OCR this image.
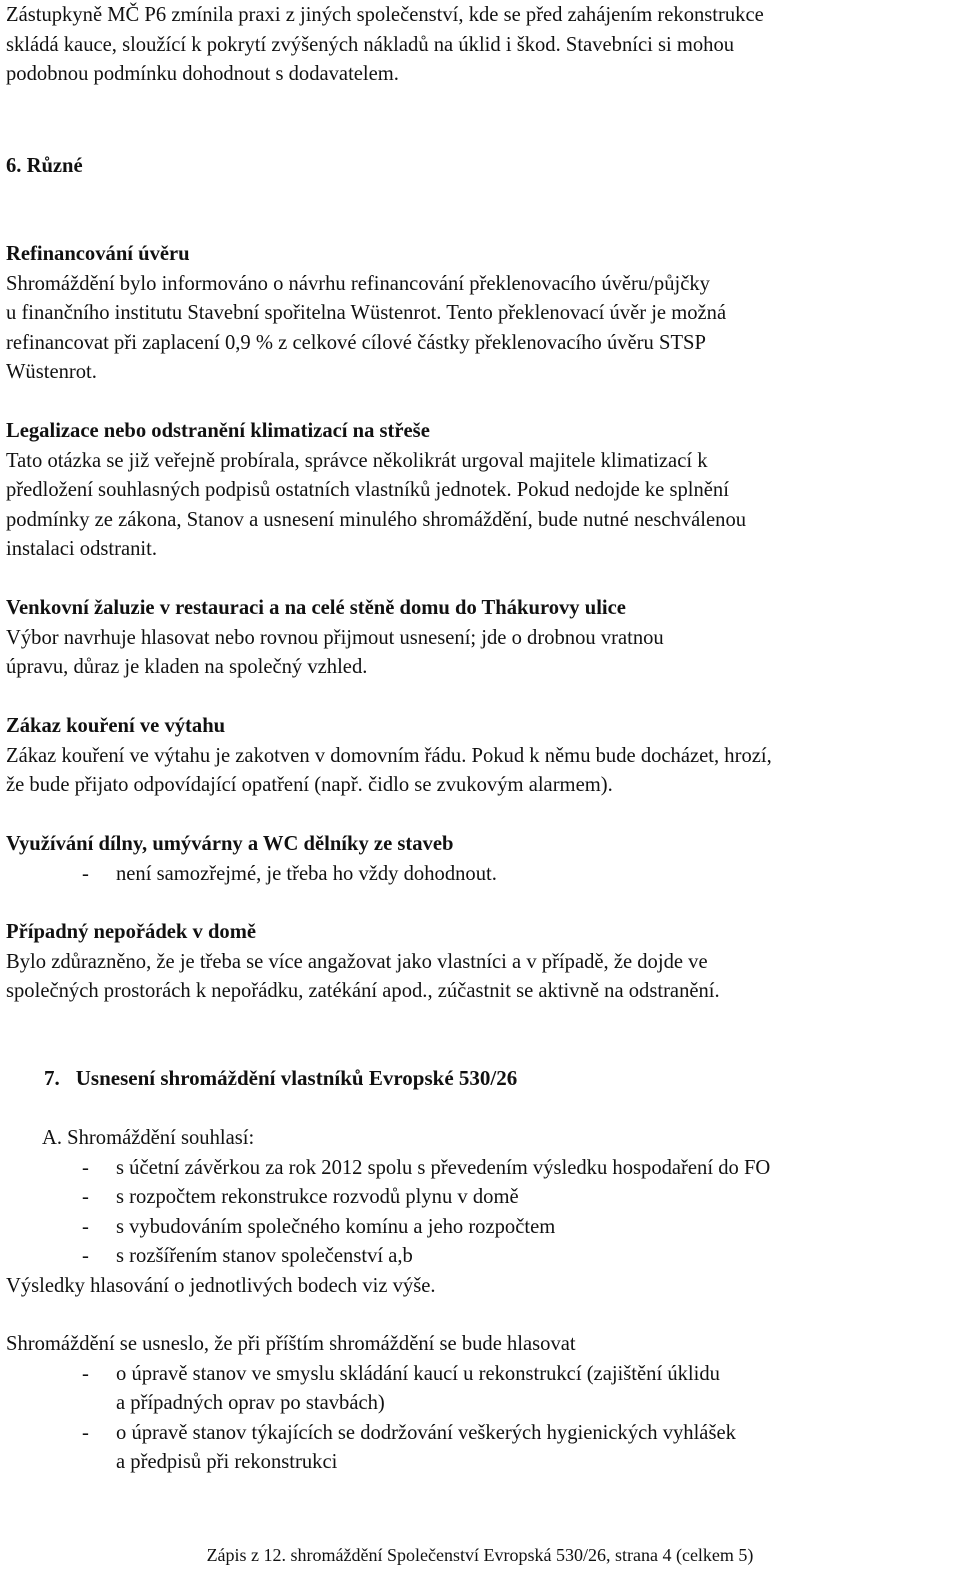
Zástupkyně MČ P6 zmínila praxi z jiných společenství, kde se před zahájením rekonstrukce
skládá kauce, sloužící k pokrytí zvýšených nákladů na úklid i škod. Stavebníci si mohou
podobnou podmínku dohodnout s dodavatelem.
6. Různé
Refinancování úvěru
Shromáždění bylo informováno o návrhu refinancování překlenovacího úvěru/půjčky
u finančního institutu Stavební spořitelna Wüstenrot. Tento překlenovací úvěr je možná
refinancovat při zaplacení 0,9 % z celkové cílové částky překlenovacího úvěru STSP
Wüstenrot.
Legalizace nebo odstranění klimatizací na střeše
Tato otázka se již veřejně probírala, správce několikrát urgoval majitele klimatizací k
předložení souhlasných podpisů ostatních vlastníků jednotek. Pokud nedojde ke splnění
podmínky ze zákona, Stanov a usnesení minulého shromáždění, bude nutné neschválenou
instalaci odstranit.
Venkovní žaluzie v restauraci a na celé stěně domu do Thákurovy ulice
Výbor navrhuje hlasovat nebo rovnou přijmout usnesení; jde o drobnou vratnou
úpravu, důraz je kladen na společný vzhled.
Zákaz kouření ve výtahu
Zákaz kouření ve výtahu je zakotven v domovním řádu. Pokud k němu bude docházet, hrozí,
že bude přijato odpovídající opatření (např. čidlo se zvukovým alarmem).
Využívání dílny, umývárny a WC dělníky ze staveb
- není samozřejmé, je třeba ho vždy dohodnout.
Případný nepořádek v domě
Bylo zdůrazněno, že je třeba se více angažovat jako vlastníci a v případě, že dojde ve
společných prostorách k nepořádku, zatékání apod., zúčastnit se aktivně na odstranění.
7. Usnesení shromáždění vlastníků Evropské 530/26
A. Shromáždění souhlasí:
- s účetní závěrkou za rok 2012 spolu s převedením výsledku hospodaření do FO
- s rozpočtem rekonstrukce rozvodů plynu v domě
- s vybudováním společného komínu a jeho rozpočtem
- s rozšířením stanov společenství a,b
Výsledky hlasování o jednotlivých bodech viz výše.
Shromáždění se usneslo, že při příštím shromáždění se bude hlasovat
- o úpravě stanov ve smyslu skládání kaucí u rekonstrukcí (zajištění úklidu
a případných oprav po stavbách)
- o úpravě stanov týkajících se dodržování veškerých hygienických vyhlášek
a předpisů při rekonstrukci
Zápis z 12. shromáždění Společenství Evropská 530/26, strana 4 (celkem 5)
